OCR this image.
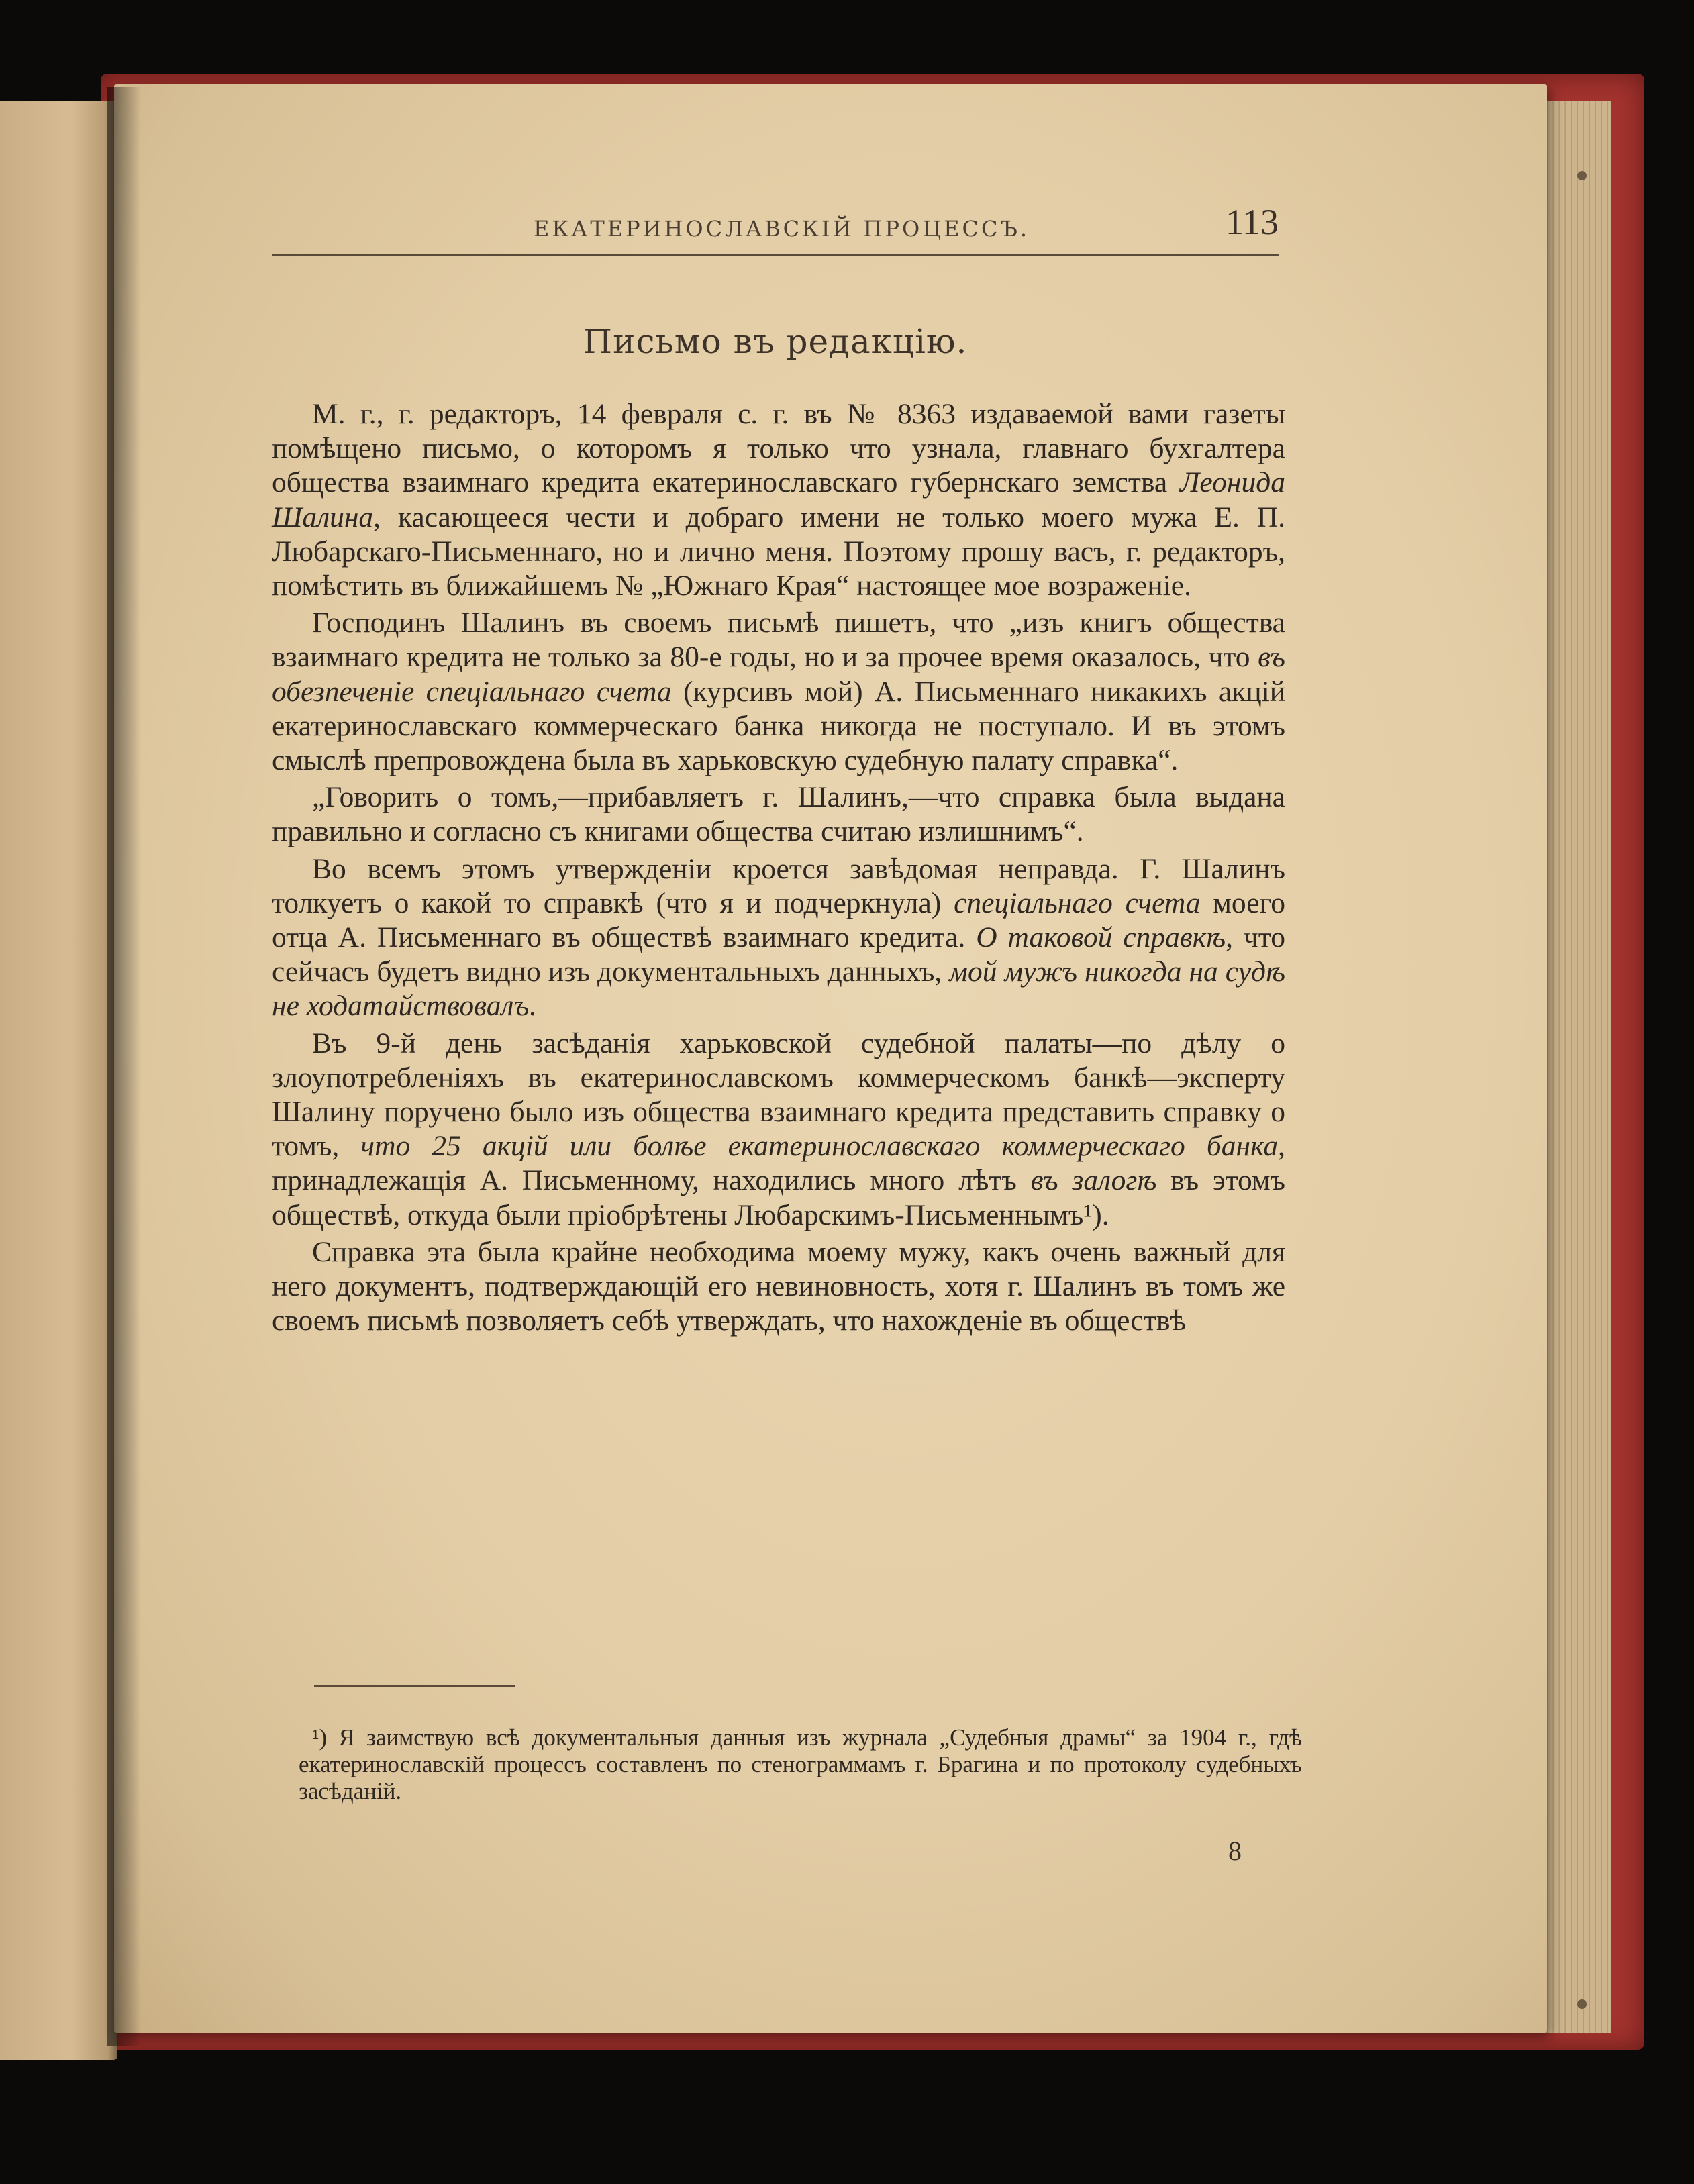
ЕКАТЕРИНОСЛАВСКІЙ ПРОЦЕССЪ.	113
Письмо въ редакцію.

М. г., г. редакторъ, 14 февраля с. г. въ № 8363 издаваемой вами газеты помѣщено письмо, о которомъ я только что узнала, главнаго бухгалтера общества взаимнаго кредита екатеринославскаго губернскаго земства Леонида Шалина, касающееся чести и добраго имени не только моего мужа Е. П. Любарскаго-Письменнаго, но и лично меня. Поэтому прошу васъ, г. редакторъ, помѣстить въ ближайшемъ № „Южнаго Края“ настоящее мое возраженіе.

Господинъ Шалинъ въ своемъ письмѣ пишетъ, что „изъ книгъ общества взаимнаго кредита не только за 80-е годы, но и за прочее время оказалось, что въ обезпеченіе спеціальнаго счета (курсивъ мой) А. Письменнаго никакихъ акцій екатеринославскаго коммерческаго банка никогда не поступало. И въ этомъ смыслѣ препровождена была въ харьковскую судебную палату справка“.

„Говорить о томъ,—прибавляетъ г. Шалинъ,—что справка была выдана правильно и согласно съ книгами общества считаю излишнимъ“.

Во всемъ этомъ утвержденіи кроется завѣдомая неправда. Г. Шалинъ толкуетъ о какой то справкѣ (что я и подчеркнула) спеціальнаго счета моего отца А. Письменнаго въ обществѣ взаимнаго кредита. О таковой справкѣ, что сейчасъ будетъ видно изъ документальныхъ данныхъ, мой мужъ никогда на судѣ не ходатайствовалъ.

Въ 9-й день засѣданія харьковской судебной палаты—по дѣлу о злоупотребленіяхъ въ екатеринославскомъ коммерческомъ банкѣ—эксперту Шалину поручено было изъ общества взаимнаго кредита представить справку о томъ, что 25 акцій или болѣе екатеринославскаго коммерческаго банка, принадлежащія А. Письменному, находились много лѣтъ въ залогѣ въ этомъ обществѣ, откуда были пріобрѣтены Любарскимъ-Письменнымъ¹).

Справка эта была крайне необходима моему мужу, какъ очень важный для него документъ, подтверждающій его невиновность, хотя г. Шалинъ въ томъ же своемъ письмѣ позволяетъ себѣ утверждать, что нахожденіе въ обществѣ

¹) Я заимствую всѣ документальныя данныя изъ журнала „Судебныя драмы“ за 1904 г., гдѣ екатеринославскій процессъ составленъ по стенограммамъ г. Брагина и по протоколу судебныхъ засѣданій.

8
